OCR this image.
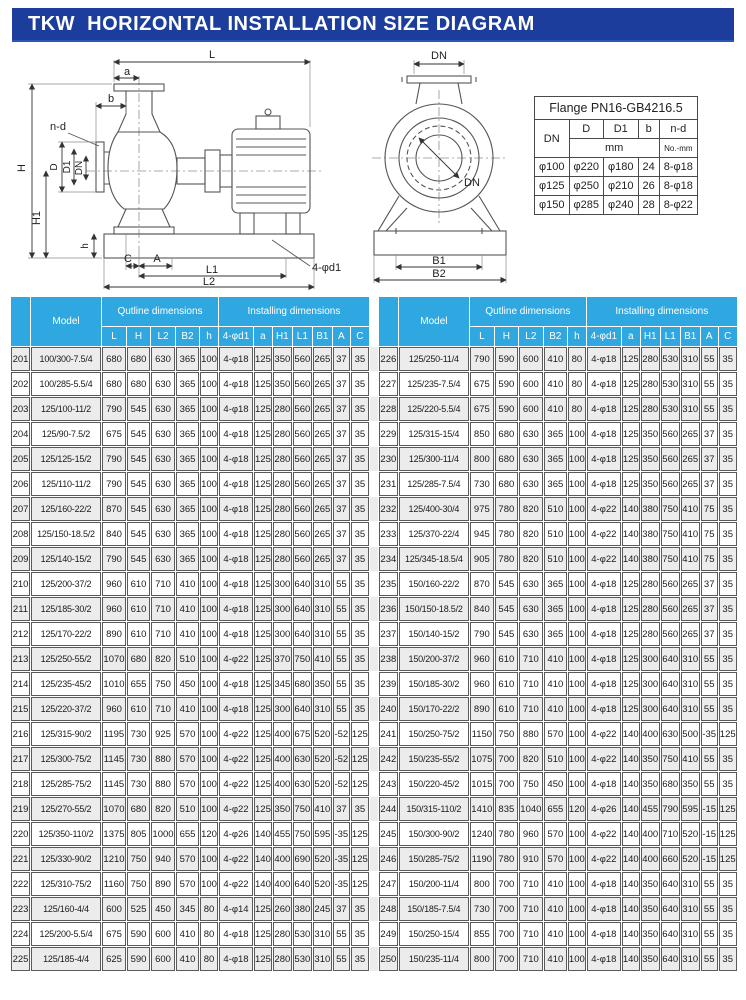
TKW  HORIZONTAL INSTALLATION SIZE DIAGRAM
L
a
b
n-d
H
H1
D D1 DN
h
C A
L1
L2
4-φd1
DN
DN
B1
B2
Flange PN16-GB4216.5				
DN	D	D1	b	n-d
	mm			No.-mm
φ100	φ220	φ180	24	8-φ18
φ125	φ250	φ210	26	8-φ18
φ150	φ285	φ240	28	8-φ22
	Model	Qutline dimensions					Installing dimensions									Model	Qutline dimensions					Installing dimensions						
		L	H	L2	B2	h	4-φd1	a	H1	L1	B1	A	C				L	H	L2	B2	h	4-φd1	a	H1	L1	B1	A	C
201	100/300-7.5/4	680	680	630	365	100	4-φ18	125	350	560	265	37	35		226	125/250-11/4	790	590	600	410	80	4-φ18	125	280	530	310	55	35
202	100/285-5.5/4	680	680	630	365	100	4-φ18	125	350	560	265	37	35		227	125/235-7.5/4	675	590	600	410	80	4-φ18	125	280	530	310	55	35
203	125/100-11/2	790	545	630	365	100	4-φ18	125	280	560	265	37	35		228	125/220-5.5/4	675	590	600	410	80	4-φ18	125	280	530	310	55	35
204	125/90-7.5/2	675	545	630	365	100	4-φ18	125	280	560	265	37	35		229	125/315-15/4	850	680	630	365	100	4-φ18	125	350	560	265	37	35
205	125/125-15/2	790	545	630	365	100	4-φ18	125	280	560	265	37	35		230	125/300-11/4	800	680	630	365	100	4-φ18	125	350	560	265	37	35
206	125/110-11/2	790	545	630	365	100	4-φ18	125	280	560	265	37	35		231	125/285-7.5/4	730	680	630	365	100	4-φ18	125	350	560	265	37	35
207	125/160-22/2	870	545	630	365	100	4-φ18	125	280	560	265	37	35		232	125/400-30/4	975	780	820	510	100	4-φ22	140	380	750	410	75	35
208	125/150-18.5/2	840	545	630	365	100	4-φ18	125	280	560	265	37	35		233	125/370-22/4	945	780	820	510	100	4-φ22	140	380	750	410	75	35
209	125/140-15/2	790	545	630	365	100	4-φ18	125	280	560	265	37	35		234	125/345-18.5/4	905	780	820	510	100	4-φ22	140	380	750	410	75	35
210	125/200-37/2	960	610	710	410	100	4-φ18	125	300	640	310	55	35		235	150/160-22/2	870	545	630	365	100	4-φ18	125	280	560	265	37	35
211	125/185-30/2	960	610	710	410	100	4-φ18	125	300	640	310	55	35		236	150/150-18.5/2	840	545	630	365	100	4-φ18	125	280	560	265	37	35
212	125/170-22/2	890	610	710	410	100	4-φ18	125	300	640	310	55	35		237	150/140-15/2	790	545	630	365	100	4-φ18	125	280	560	265	37	35
213	125/250-55/2	1070	680	820	510	100	4-φ22	125	370	750	410	55	35		238	150/200-37/2	960	610	710	410	100	4-φ18	125	300	640	310	55	35
214	125/235-45/2	1010	655	750	450	100	4-φ18	125	345	680	350	55	35		239	150/185-30/2	960	610	710	410	100	4-φ18	125	300	640	310	55	35
215	125/220-37/2	960	610	710	410	100	4-φ18	125	300	640	310	55	35		240	150/170-22/2	890	610	710	410	100	4-φ18	125	300	640	310	55	35
216	125/315-90/2	1195	730	925	570	100	4-φ22	125	400	675	520	-52	125		241	150/250-75/2	1150	750	880	570	100	4-φ22	140	400	630	500	-35	125
217	125/300-75/2	1145	730	880	570	100	4-φ22	125	400	630	520	-52	125		242	150/235-55/2	1075	700	820	510	100	4-φ22	140	350	750	410	55	35
218	125/285-75/2	1145	730	880	570	100	4-φ22	125	400	630	520	-52	125		243	150/220-45/2	1015	700	750	450	100	4-φ18	140	350	680	350	55	35
219	125/270-55/2	1070	680	820	510	100	4-φ22	125	350	750	410	37	35		244	150/315-110/2	1410	835	1040	655	120	4-φ26	140	455	790	595	-15	125
220	125/350-110/2	1375	805	1000	655	120	4-φ26	140	455	750	595	-35	125		245	150/300-90/2	1240	780	960	570	100	4-φ22	140	400	710	520	-15	125
221	125/330-90/2	1210	750	940	570	100	4-φ22	140	400	690	520	-35	125		246	150/285-75/2	1190	780	910	570	100	4-φ22	140	400	660	520	-15	125
222	125/310-75/2	1160	750	890	570	100	4-φ22	140	400	640	520	-35	125		247	150/200-11/4	800	700	710	410	100	4-φ18	140	350	640	310	55	35
223	125/160-4/4	600	525	450	345	80	4-φ14	125	260	380	245	37	35		248	150/185-7.5/4	730	700	710	410	100	4-φ18	140	350	640	310	55	35
224	125/200-5.5/4	675	590	600	410	80	4-φ18	125	280	530	310	55	35		249	150/250-15/4	855	700	710	410	100	4-φ18	140	350	640	310	55	35
225	125/185-4/4	625	590	600	410	80	4-φ18	125	280	530	310	55	35		250	150/235-11/4	800	700	710	410	100	4-φ18	140	350	640	310	55	35
